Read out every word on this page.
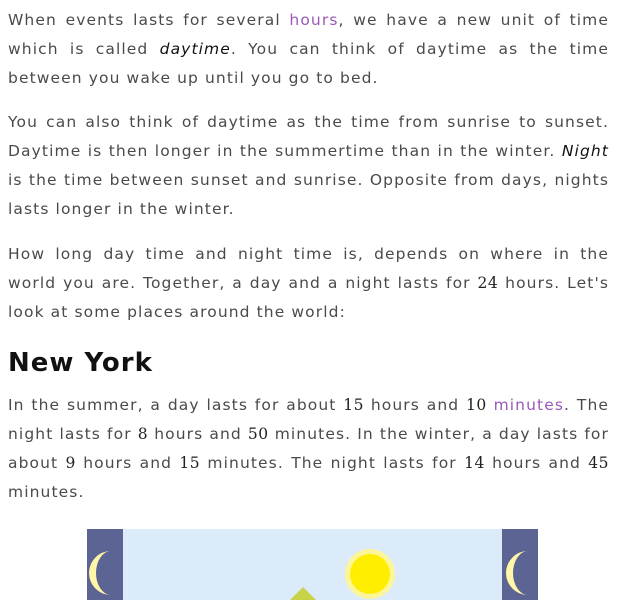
When events lasts for several hours, we have a new unit of time which is called daytime. You can think of daytime as the time between you wake up until you go to bed.

You can also think of daytime as the time from sunrise to sunset. Daytime is then longer in the summertime than in the winter. Night is the time between sunset and sunrise. Opposite from days, nights lasts longer in the winter.

How long day time and night time is, depends on where in the world you are. Together, a day and a night lasts for 24 hours. Let's look at some places around the world:

New York

In the summer, a day lasts for about 15 hours and 10 minutes. The night lasts for 8 hours and 50 minutes. In the winter, a day lasts for about 9 hours and 15 minutes. The night lasts for 14 hours and 45 minutes.
